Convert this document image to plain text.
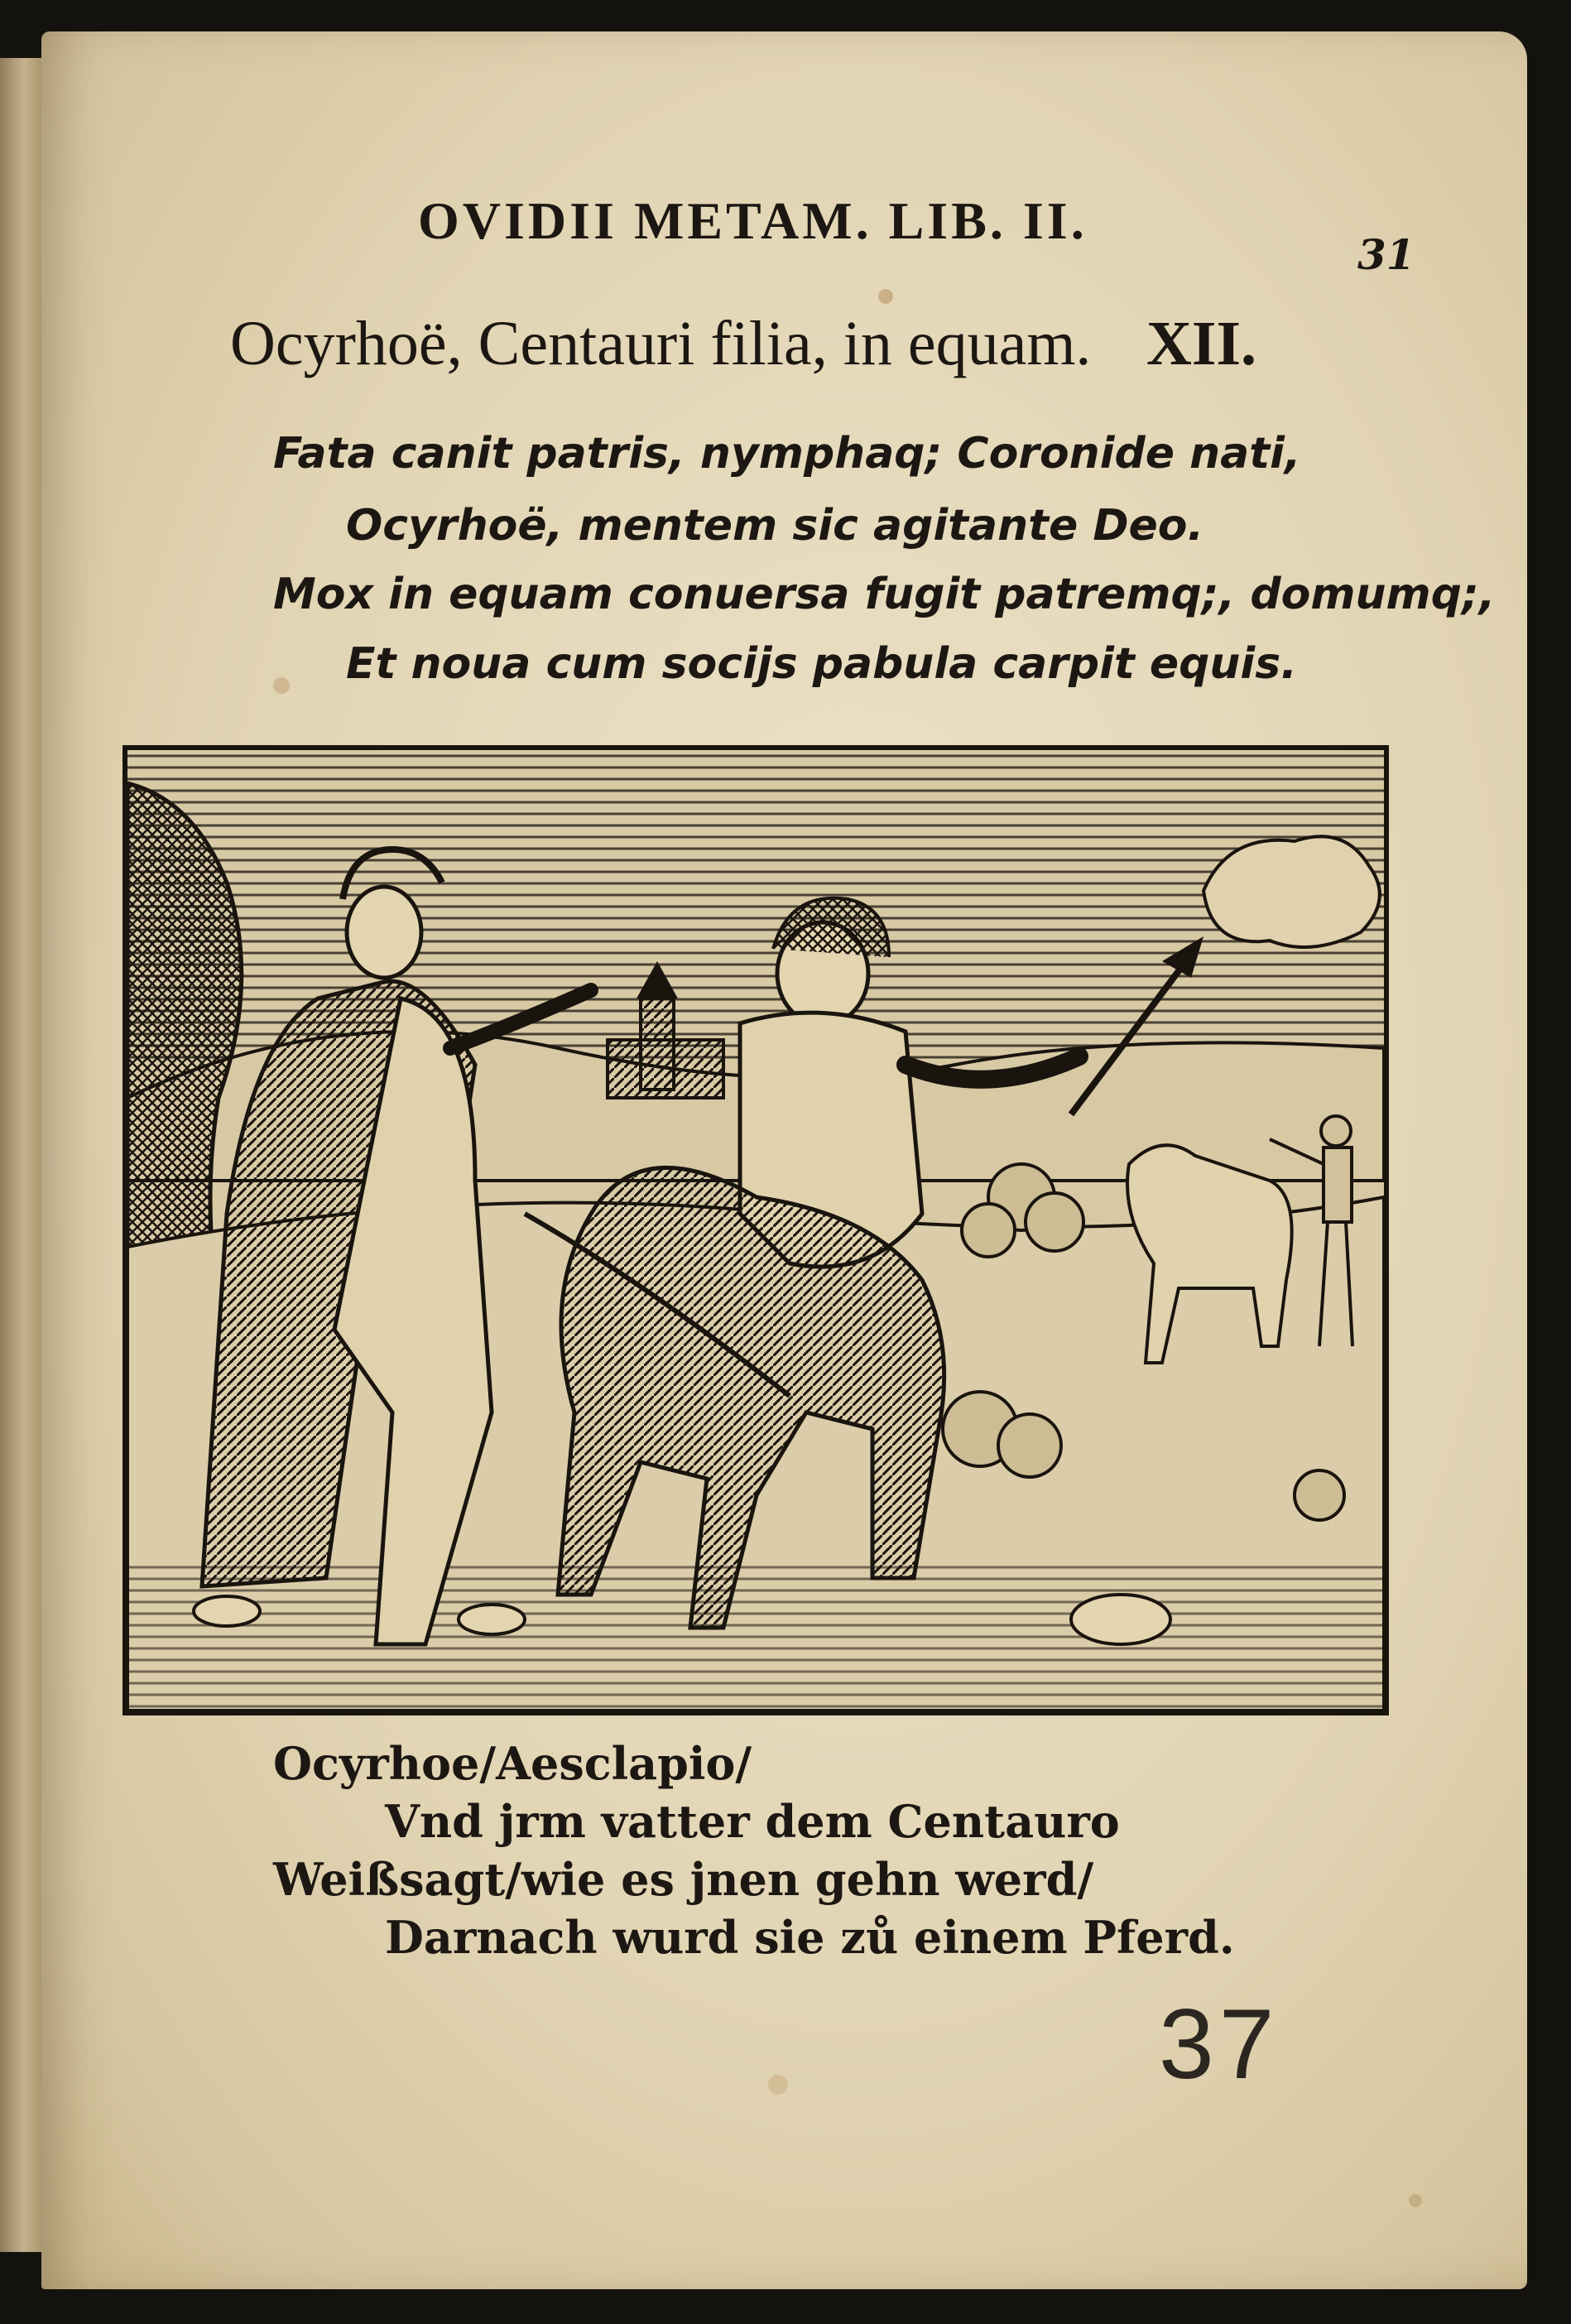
OVIDII METAM. LIB. II.
31
Ocyrhoë, Centauri filia, in equam. XII.
Fata canit patris, nymphaq; Coronide nati,
Ocyrhoë, mentem sic agitante Deo.
Mox in equam conuersa fugit patremq;, domumq;,
Et noua cum socijs pabula carpit equis.
Ocyrhoe/Aesclapio/
Vnd jrm vatter dem Centauro
Weißsagt/wie es jnen gehn werd/
Darnach wurd sie zů einem Pferd.
37
